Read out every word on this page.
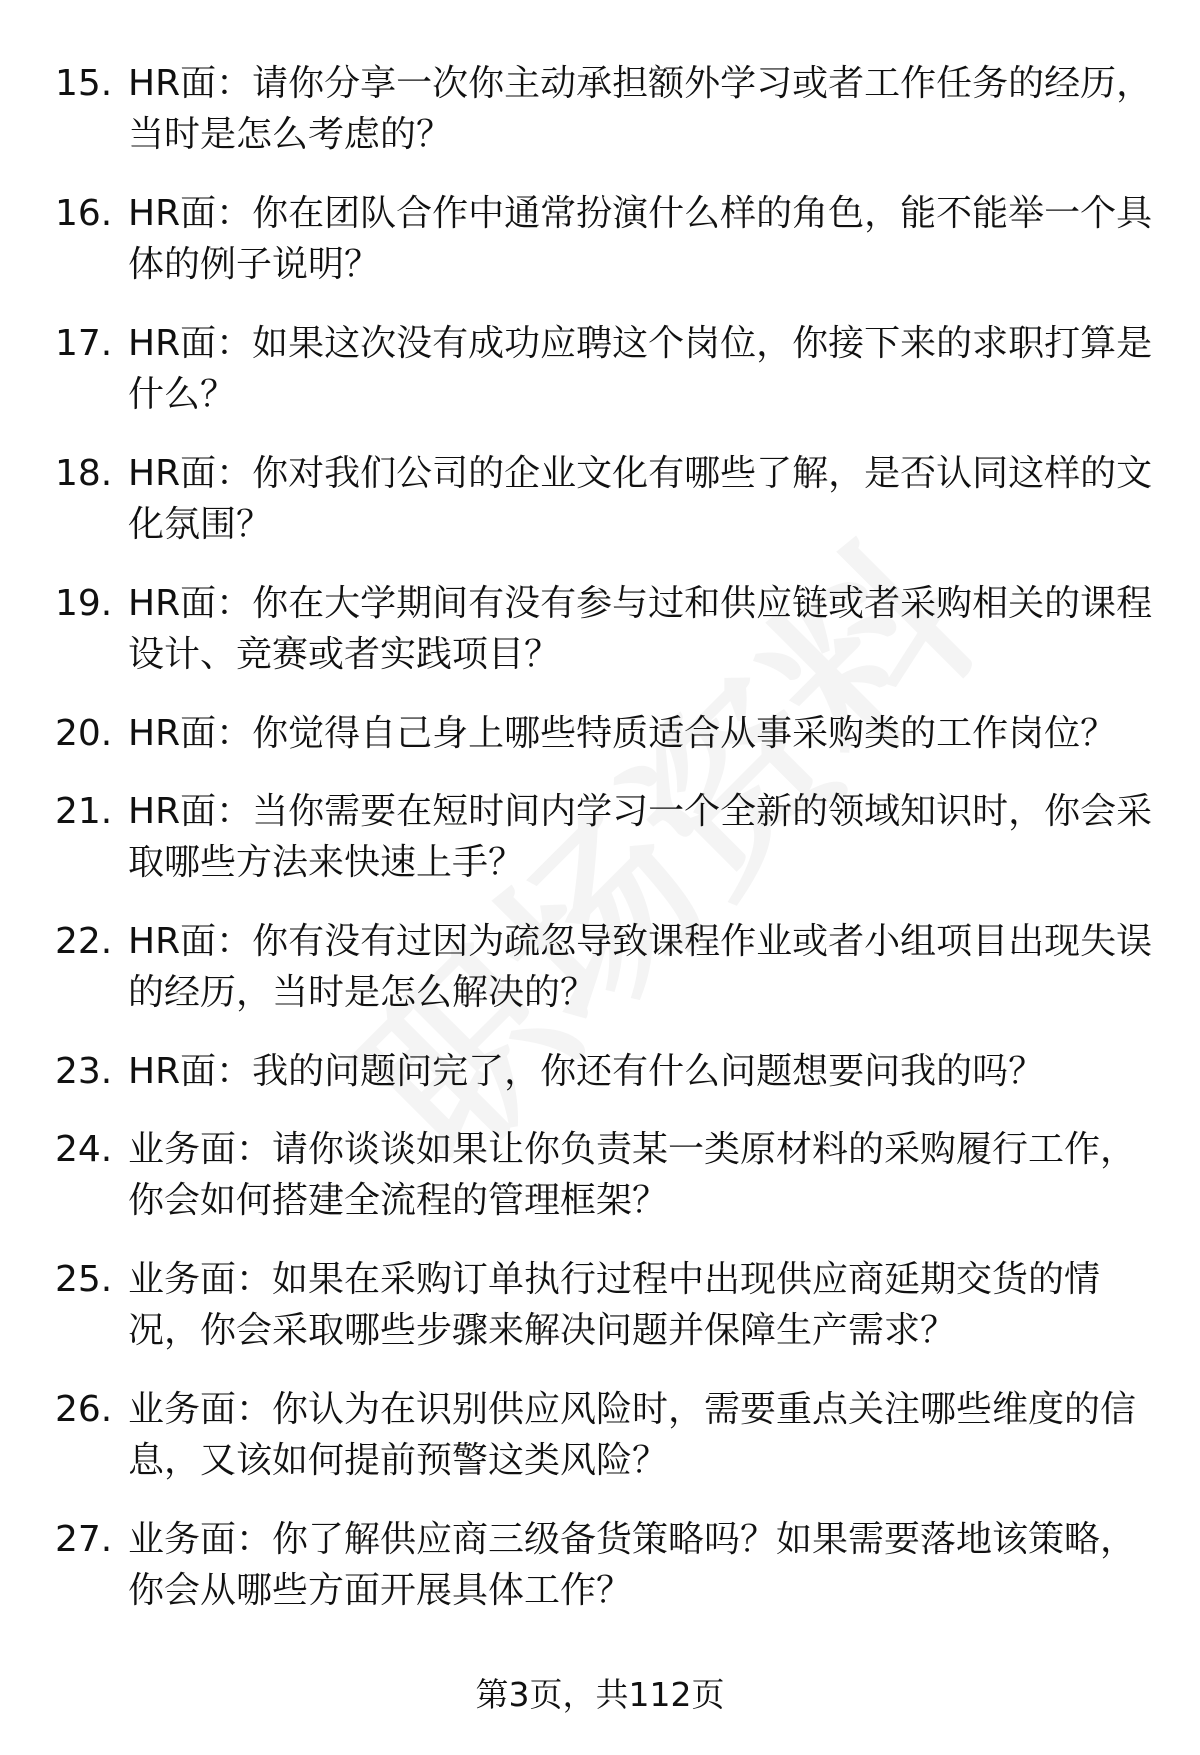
15. HR面：请你分享一次你主动承担额外学习或者工作任务的经历，当时是怎么考虑的？
16. HR面：你在团队合作中通常扮演什么样的角色，能不能举一个具体的例子说明？
17. HR面：如果这次没有成功应聘这个岗位，你接下来的求职打算是什么？
18. HR面：你对我们公司的企业文化有哪些了解，是否认同这样的文化氛围？
19. HR面：你在大学期间有没有参与过和供应链或者采购相关的课程设计、竞赛或者实践项目？
20. HR面：你觉得自己身上哪些特质适合从事采购类的工作岗位？
21. HR面：当你需要在短时间内学习一个全新的领域知识时，你会采取哪些方法来快速上手？
22. HR面：你有没有过因为疏忽导致课程作业或者小组项目出现失误的经历，当时是怎么解决的？
23. HR面：我的问题问完了，你还有什么问题想要问我的吗？
24. 业务面：请你谈谈如果让你负责某一类原材料的采购履行工作，你会如何搭建全流程的管理框架？
25. 业务面：如果在采购订单执行过程中出现供应商延期交货的情况，你会采取哪些步骤来解决问题并保障生产需求？
26. 业务面：你认为在识别供应风险时，需要重点关注哪些维度的信息，又该如何提前预警这类风险？
27. 业务面：你了解供应商三级备货策略吗？如果需要落地该策略，你会从哪些方面开展具体工作？
第3页，共112页
